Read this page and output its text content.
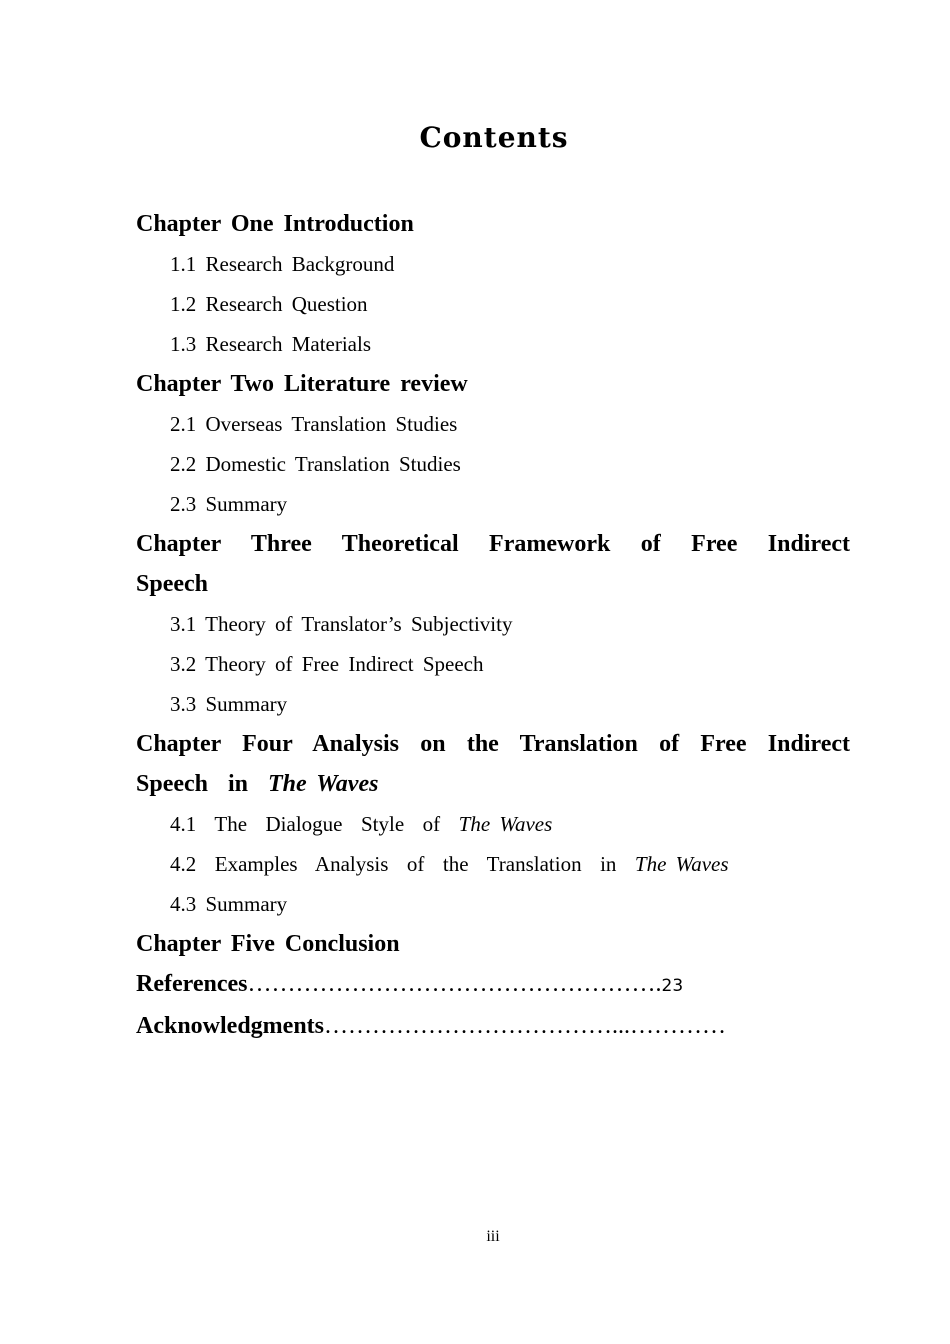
Contents
Chapter One Introduction
1.1 Research Background
1.2 Research Question
1.3 Research Materials
Chapter Two Literature review
2.1 Overseas Translation Studies
2.2 Domestic Translation Studies
2.3 Summary
Chapter Three Theoretical Framework of Free Indirect
Speech
3.1 Theory of Translator’s Subjectivity
3.2 Theory of Free Indirect Speech
3.3 Summary
Chapter Four Analysis on the Translation of Free Indirect
Speech  in  The Waves
4.1  The  Dialogue  Style  of  The Waves
4.2  Examples  Analysis  of  the  Translation  in  The Waves
4.3 Summary
Chapter Five Conclusion
References…………………………………………….23
Acknowledgments………………………………...…………
iii
